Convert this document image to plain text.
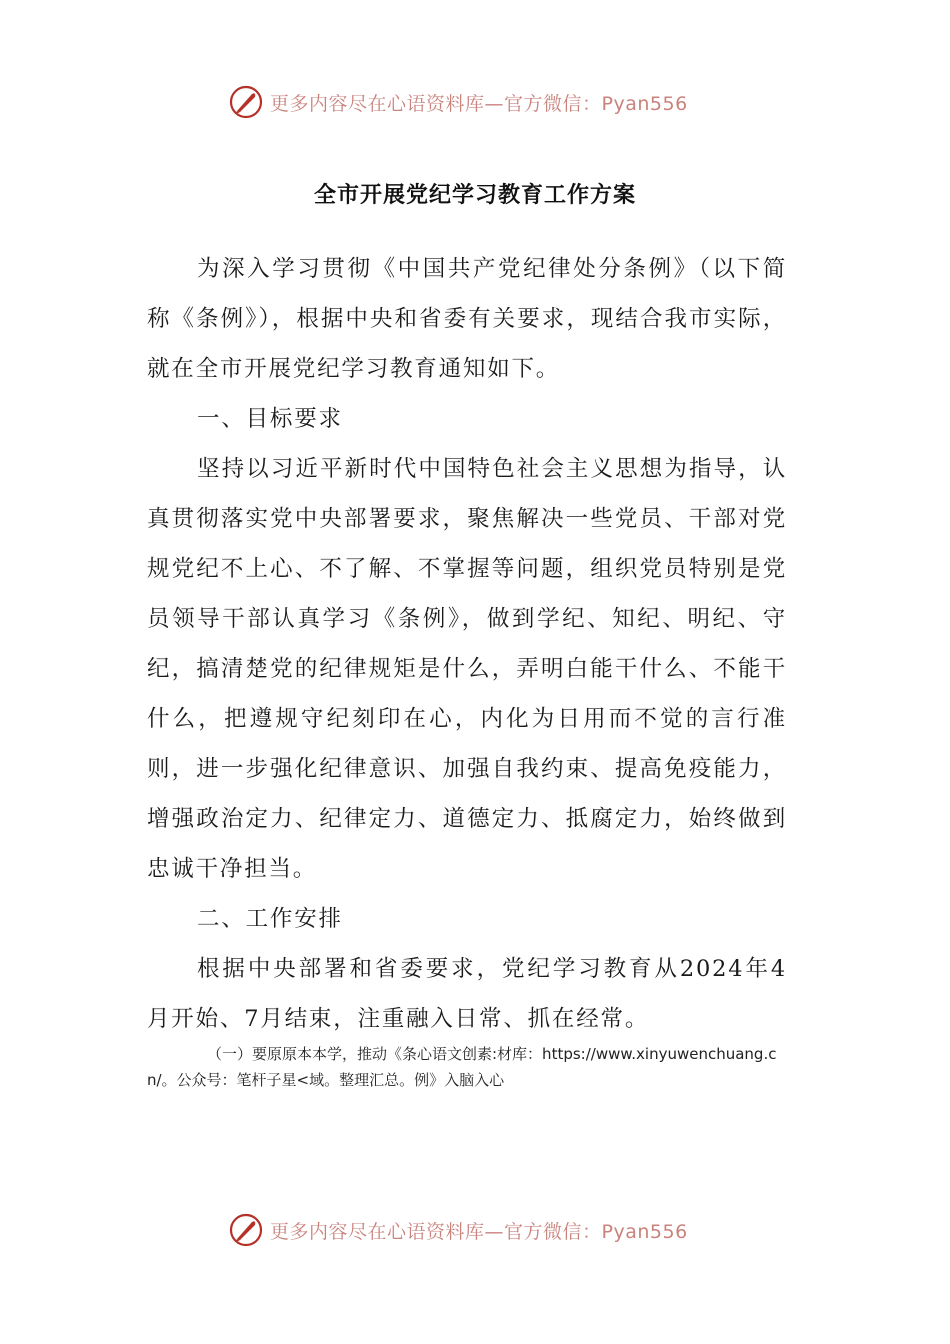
更多内容尽在心语资料库—官方微信：Pyan556
全市开展党纪学习教育工作方案

为深入学习贯彻《中国共产党纪律处分条例》（以下简称《条例》），根据中央和省委有关要求，现结合我市实际，就在全市开展党纪学习教育通知如下。

一、目标要求

坚持以习近平新时代中国特色社会主义思想为指导，认真贯彻落实党中央部署要求，聚焦解决一些党员、干部对党规党纪不上心、不了解、不掌握等问题，组织党员特别是党员领导干部认真学习《条例》，做到学纪、知纪、明纪、守纪，搞清楚党的纪律规矩是什么，弄明白能干什么、不能干什么，把遵规守纪刻印在心，内化为日用而不觉的言行准则，进一步强化纪律意识、加强自我约束、提高免疫能力，增强政治定力、纪律定力、道德定力、抵腐定力，始终做到忠诚干净担当。

二、工作安排

根据中央部署和省委要求，党纪学习教育从2024年4月开始、7月结束，注重融入日常、抓在经常。

（一）要原原本本学，推动《条心语文创素:材库：https://www.xinyuwenchuang.cn/。公众号：笔杆子星<域。整理汇总。例》入脑入心
更多内容尽在心语资料库—官方微信：Pyan556
